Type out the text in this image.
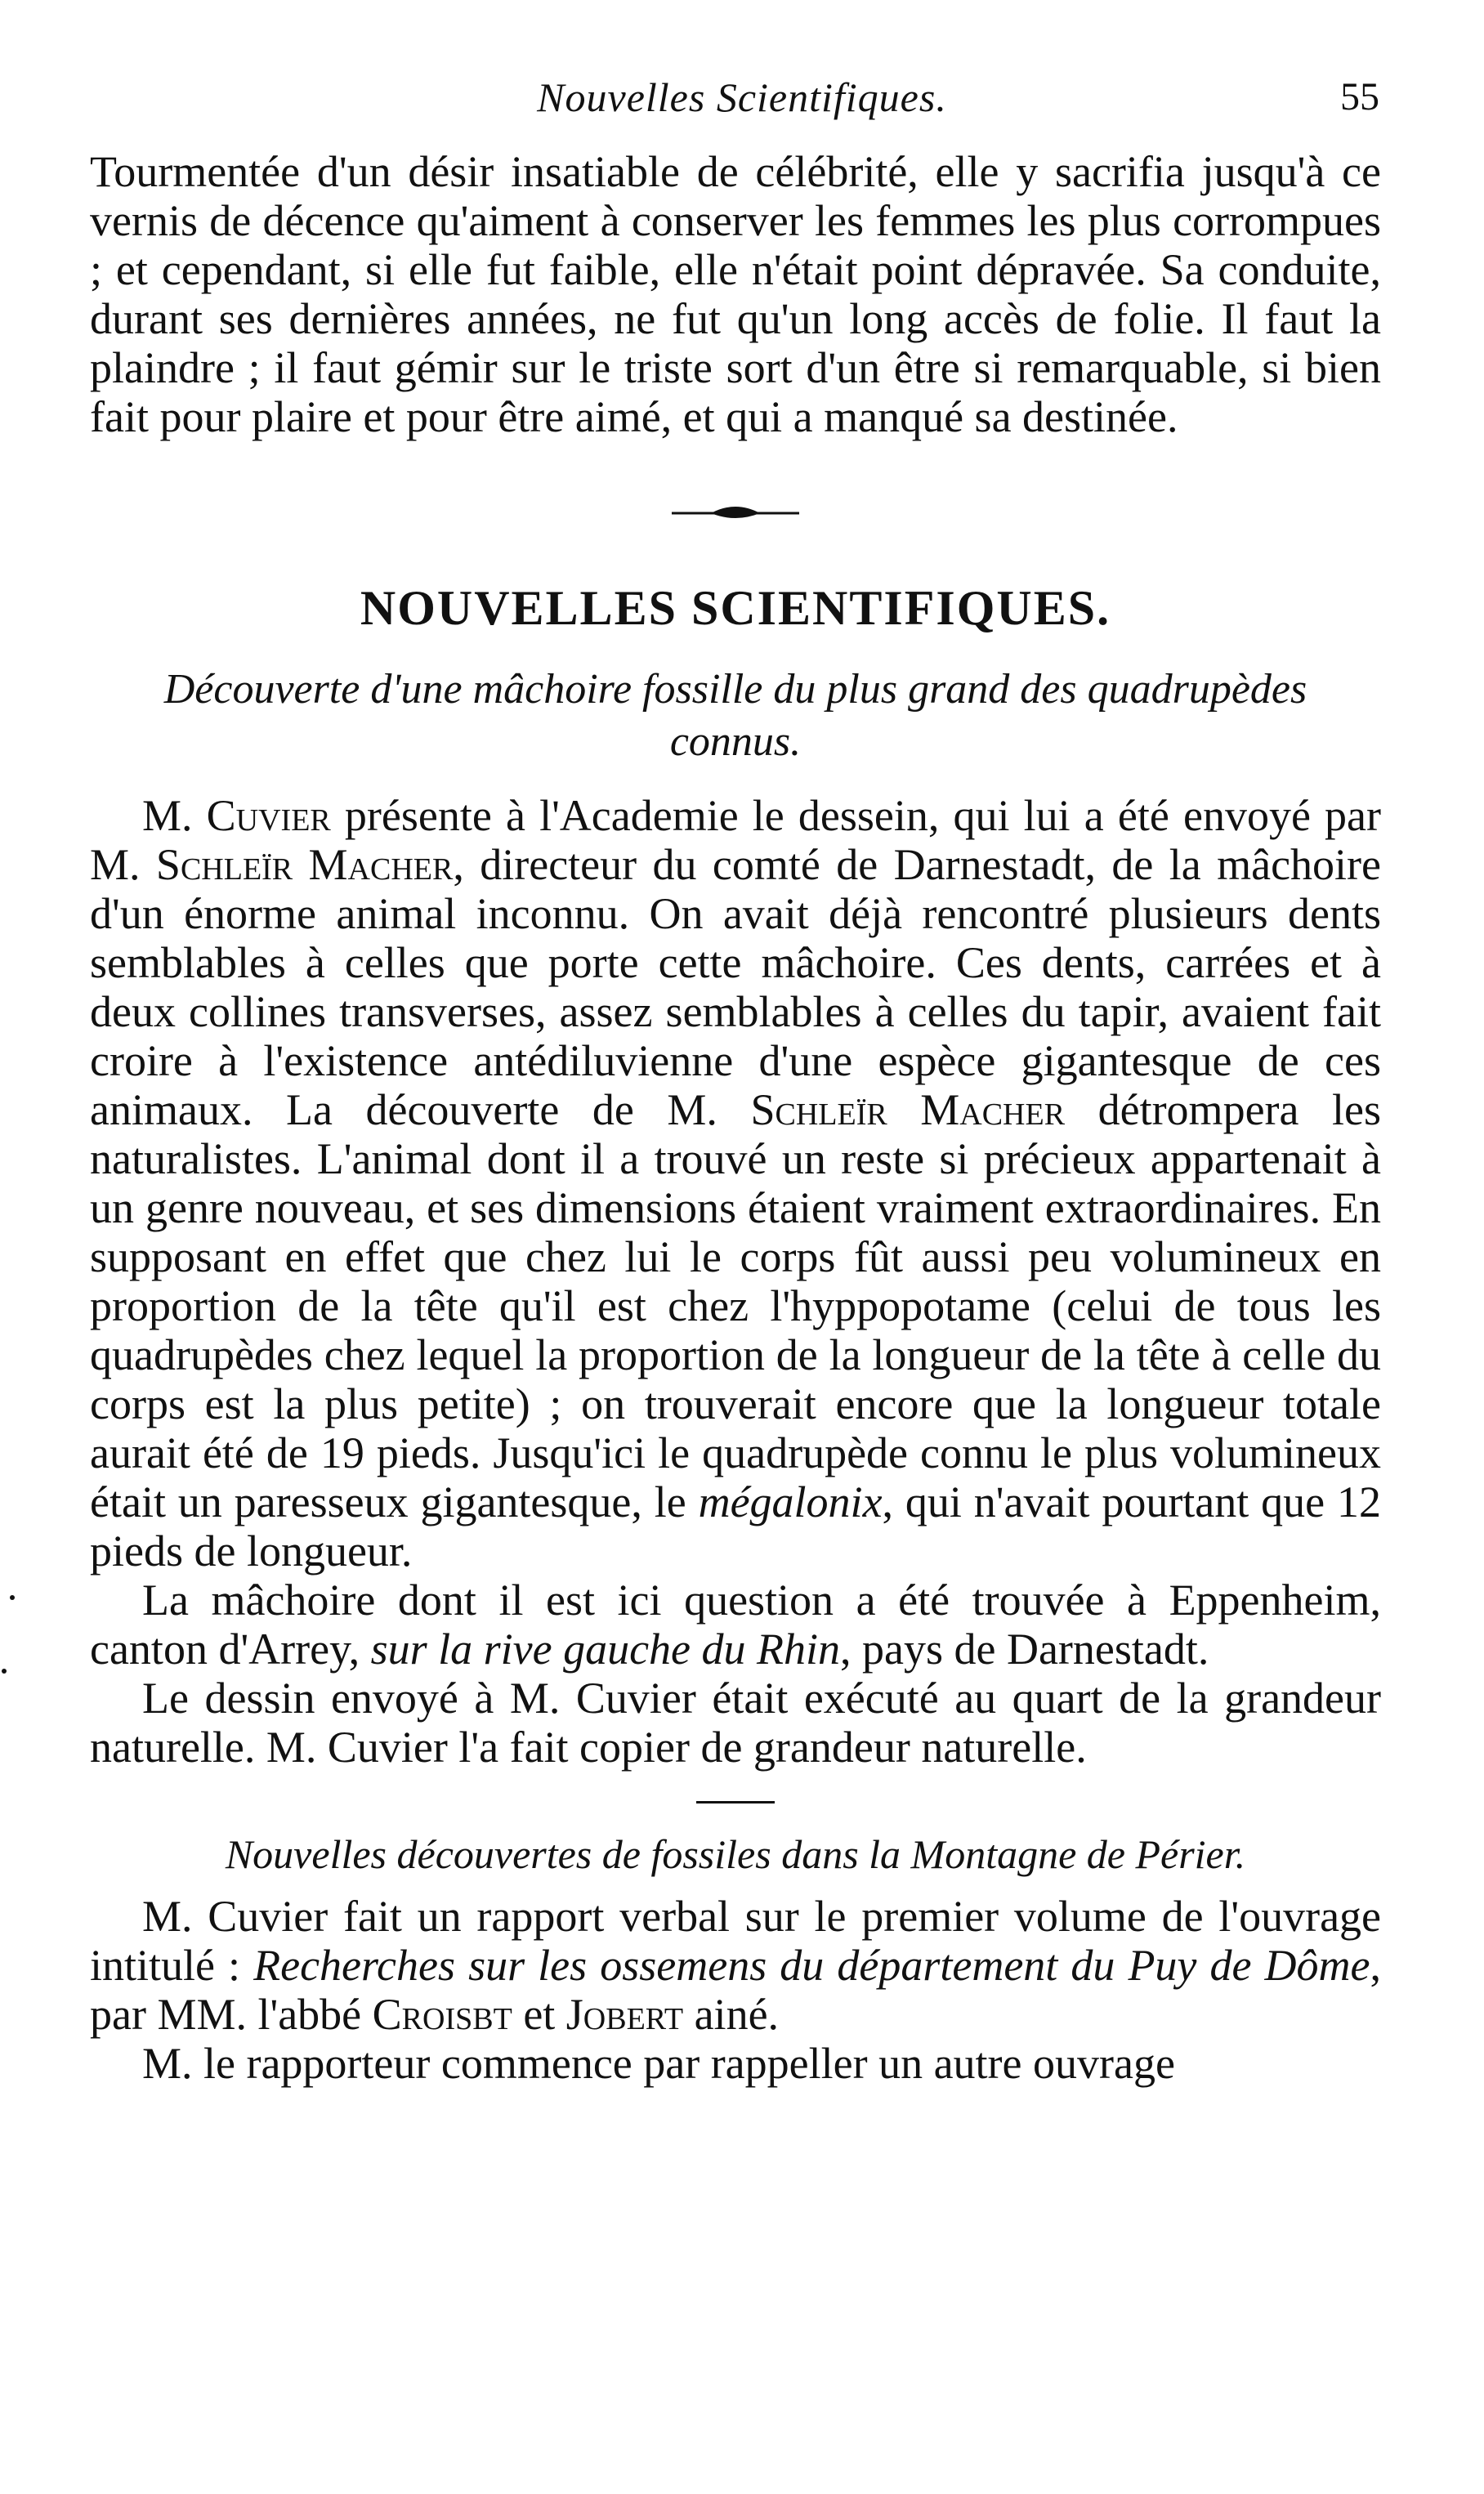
Nouvelles Scientifiques.	55

Tourmentée d'un désir insatiable de célébrité, elle y sacrifia jusqu'à ce vernis de décence qu'aiment à conserver les femmes les plus corrompues ; et cependant, si elle fut faible, elle n'était point dépravée. Sa conduite, durant ses dernières années, ne fut qu'un long accès de folie. Il faut la plaindre ; il faut gémir sur le triste sort d'un être si remarquable, si bien fait pour plaire et pour être aimé, et qui a manqué sa destinée.

NOUVELLES SCIENTIFIQUES.
Découverte d'une mâchoire fossille du plus grand des quadrupèdes connus.

M. Cuvier présente à l'Academie le dessein, qui lui a été envoyé par M. Schleïr Macher, directeur du comté de Darnestadt, de la mâchoire d'un énorme animal inconnu. On avait déjà rencontré plusieurs dents semblables à celles que porte cette mâchoire. Ces dents, carrées et à deux collines transverses, assez semblables à celles du tapir, avaient fait croire à l'existence antédiluvienne d'une espèce gigantesque de ces animaux. La découverte de M. Schleïr Macher détrompera les naturalistes. L'animal dont il a trouvé un reste si précieux appartenait à un genre nouveau, et ses dimensions étaient vraiment extraordinaires. En supposant en effet que chez lui le corps fût aussi peu volumineux en proportion de la tête qu'il est chez l'hyppopotame (celui de tous les quadrupèdes chez lequel la proportion de la longueur de la tête à celle du corps est la plus petite) ; on trouverait encore que la longueur totale aurait été de 19 pieds. Jusqu'ici le quadrupède connu le plus volumineux était un paresseux gigantesque, le mégalonix, qui n'avait pourtant que 12 pieds de longueur.

La mâchoire dont il est ici question a été trouvée à Eppenheim, canton d'Arrey, sur la rive gauche du Rhin, pays de Darnestadt.

Le dessin envoyé à M. Cuvier était exécuté au quart de la grandeur naturelle. M. Cuvier l'a fait copier de grandeur naturelle.

Nouvelles découvertes de fossiles dans la Montagne de Périer.

M. Cuvier fait un rapport verbal sur le premier volume de l'ouvrage intitulé : Recherches sur les ossemens du département du Puy de Dôme, par MM. l'abbé Croisbt et Jobert ainé.

M. le rapporteur commence par rappeller un autre ouvrage
